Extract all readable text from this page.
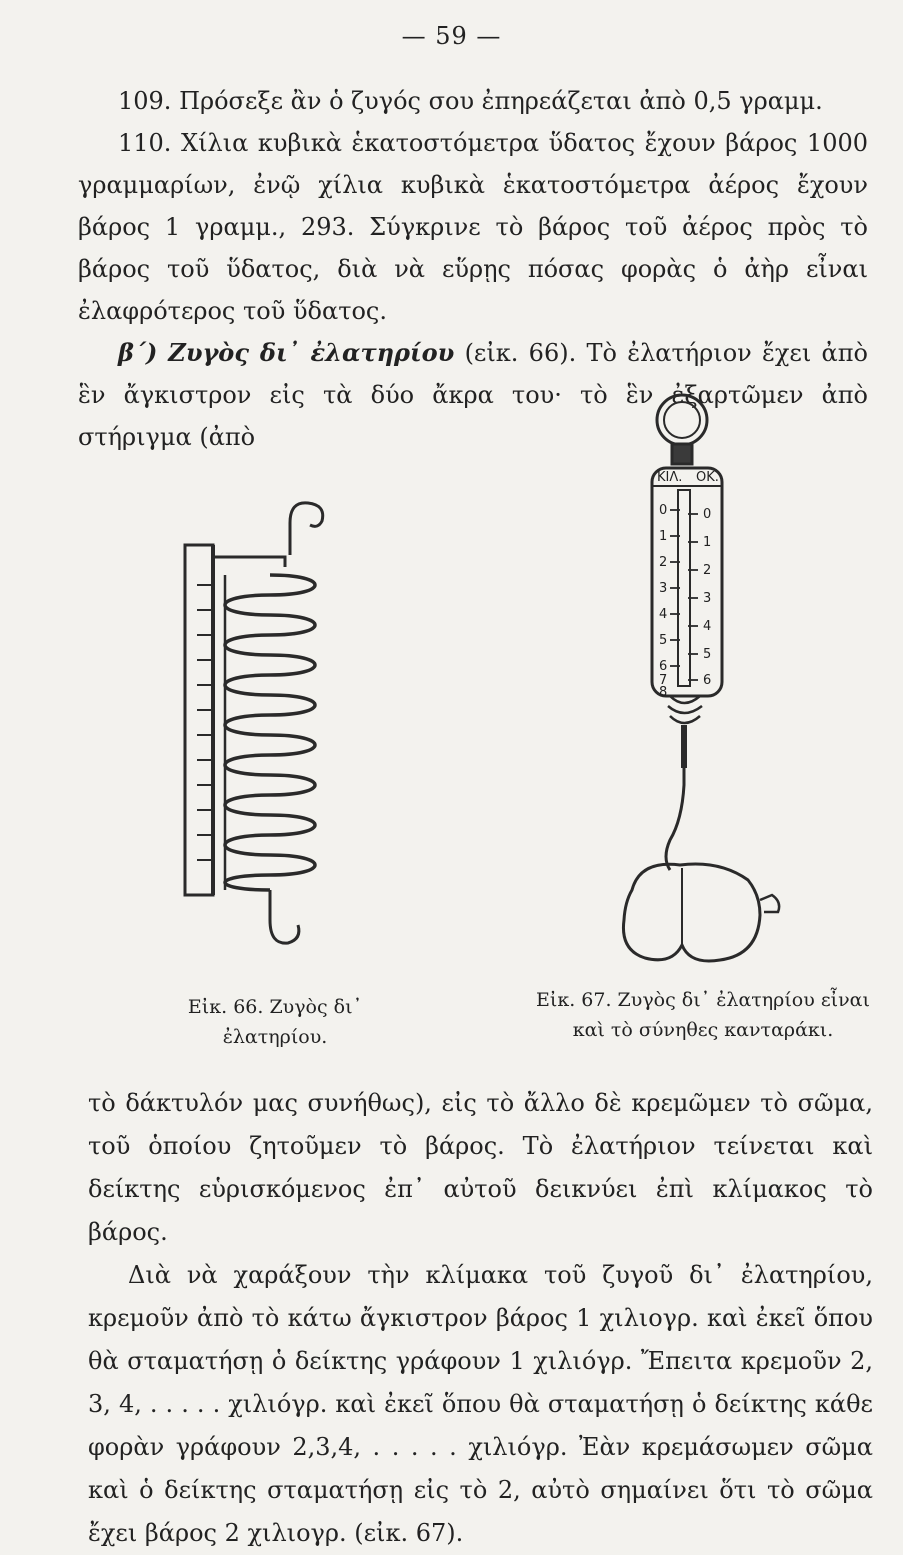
— 59 —

109. Πρόσεξε ἂν ὁ ζυγός σου ἐπηρεάζεται ἀπὸ 0,5 γραμμ.

110. Χίλια κυβικὰ ἑκατοστόμετρα ὕδατος ἔχουν βάρος 1000 γραμμαρίων, ἐνῷ χίλια κυβικὰ ἑκατοστόμετρα ἀέρος ἔχουν βάρος 1 γραμμ., 293. Σύγκρινε τὸ βάρος τοῦ ἀέρος πρὸς τὸ βάρος τοῦ ὕδατος, διὰ νὰ εὕρῃς πόσας φορὰς ὁ ἀὴρ εἶναι ἐλαφρότερος τοῦ ὕδατος.

β΄) Ζυγὸς δι᾽ ἐλατηρίου (εἰκ. 66). Τὸ ἐλατήριον ἔχει ἀπὸ ἓν ἄγκιστρον εἰς τὰ δύο ἄκρα του· τὸ ἓν ἐξαρτῶμεν ἀπὸ στήριγμα (ἀπὸ

ΚΙΛ. ΟΚ.
0
1
2
3
4
5
6
7
8
0
1
2
3
4
5
6
Εἰκ. 66. Ζυγὸς δι᾽ ἐλατηρίου.
Εἰκ. 67. Ζυγὸς δι᾽ ἐλατηρίου εἶναι καὶ τὸ σύνηθες κανταράκι.

τὸ δάκτυλόν μας συνήθως), εἰς τὸ ἄλλο δὲ κρεμῶμεν τὸ σῶμα, τοῦ ὁποίου ζητοῦμεν τὸ βάρος. Τὸ ἐλατήριον τείνεται καὶ δείκτης εὑρισκόμενος ἐπ᾽ αὐτοῦ δεικνύει ἐπὶ κλίμακος τὸ βάρος.

Διὰ νὰ χαράξουν τὴν κλίμακα τοῦ ζυγοῦ δι᾽ ἐλατηρίου, κρεμοῦν ἀπὸ τὸ κάτω ἄγκιστρον βάρος 1 χιλιογρ. καὶ ἐκεῖ ὅπου θὰ σταματήσῃ ὁ δείκτης γράφουν 1 χιλιόγρ. Ἔπειτα κρεμοῦν 2, 3, 4, . . . . . χιλιόγρ. καὶ ἐκεῖ ὅπου θὰ σταματήσῃ ὁ δείκτης κάθε φορὰν γράφουν 2,3,4, . . . . . χιλιόγρ. Ἐὰν κρεμάσωμεν σῶμα καὶ ὁ δείκτης σταματήσῃ εἰς τὸ 2, αὐτὸ σημαίνει ὅτι τὸ σῶμα ἔχει βάρος 2 χιλιογρ. (εἰκ. 67).
